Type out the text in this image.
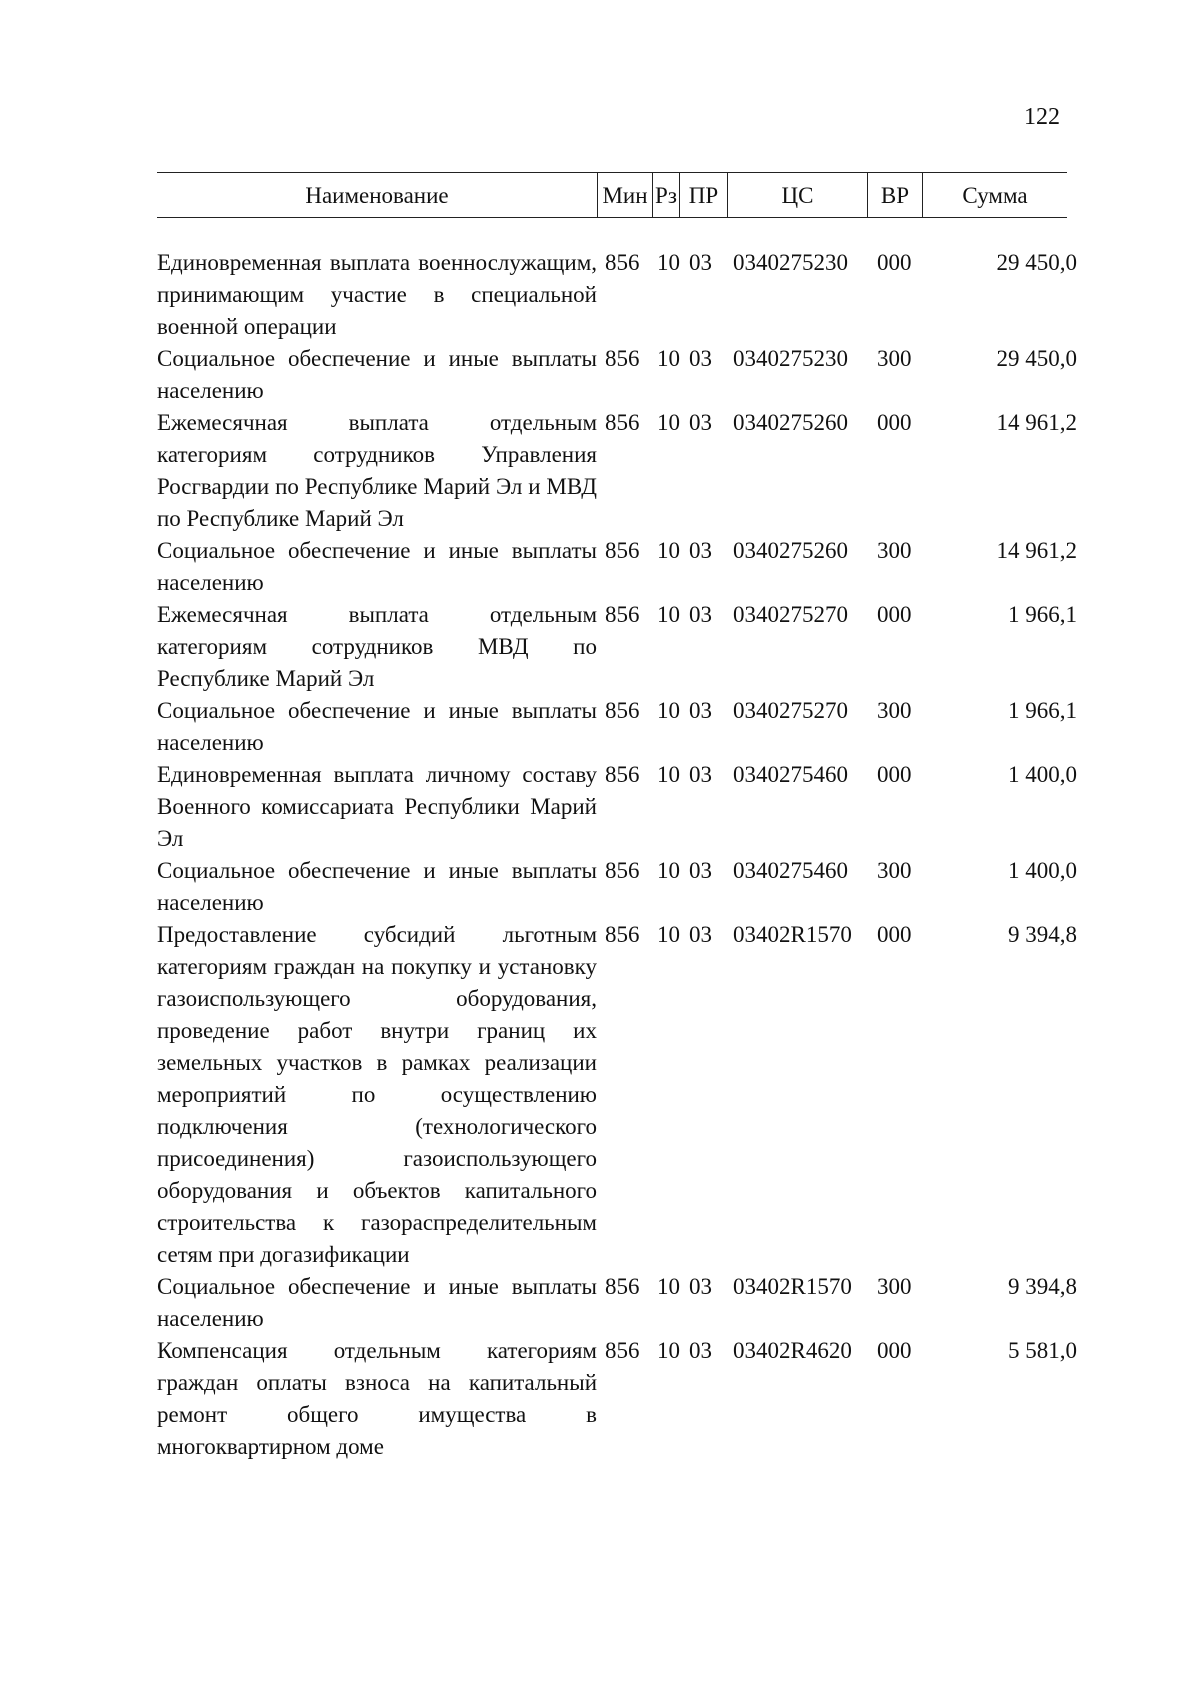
122
Наименование	Мин Рз ПР	ЦС	ВР	Сумма
Единовременная выплата военнослужащим, принимающим участие в специальной военной операции
856 10 03 0340275230 000	29 450,0
Социальное обеспечение и иные выплаты населению
856 10 03 0340275230 300	29 450,0
Ежемесячная выплата отдельным категориям сотрудников Управления Росгвардии по Республике Марий Эл и МВД по Республике Марий Эл
856 10 03 0340275260 000	14 961,2
Социальное обеспечение и иные выплаты населению
856 10 03 0340275260 300	14 961,2
Ежемесячная выплата отдельным категориям сотрудников МВД по Республике Марий Эл
856 10 03 0340275270 000	1 966,1
Социальное обеспечение и иные выплаты населению
856 10 03 0340275270 300	1 966,1
Единовременная выплата личному составу Военного комиссариата Республики Марий Эл
856 10 03 0340275460 000	1 400,0
Социальное обеспечение и иные выплаты населению
856 10 03 0340275460 300	1 400,0
Предоставление субсидий льготным категориям граждан на покупку и установку газоиспользующего оборудования, проведение работ внутри границ их земельных участков в рамках реализации мероприятий по осуществлению подключения (технологического присоединения) газоиспользующего оборудования и объектов капитального строительства к газораспределительным сетям при догазификации
856 10 03 03402R1570 000	9 394,8
Социальное обеспечение и иные выплаты населению
856 10 03 03402R1570 300	9 394,8
Компенсация отдельным категориям граждан оплаты взноса на капитальный ремонт общего имущества в многоквартирном доме
856 10 03 03402R4620 000	5 581,0
